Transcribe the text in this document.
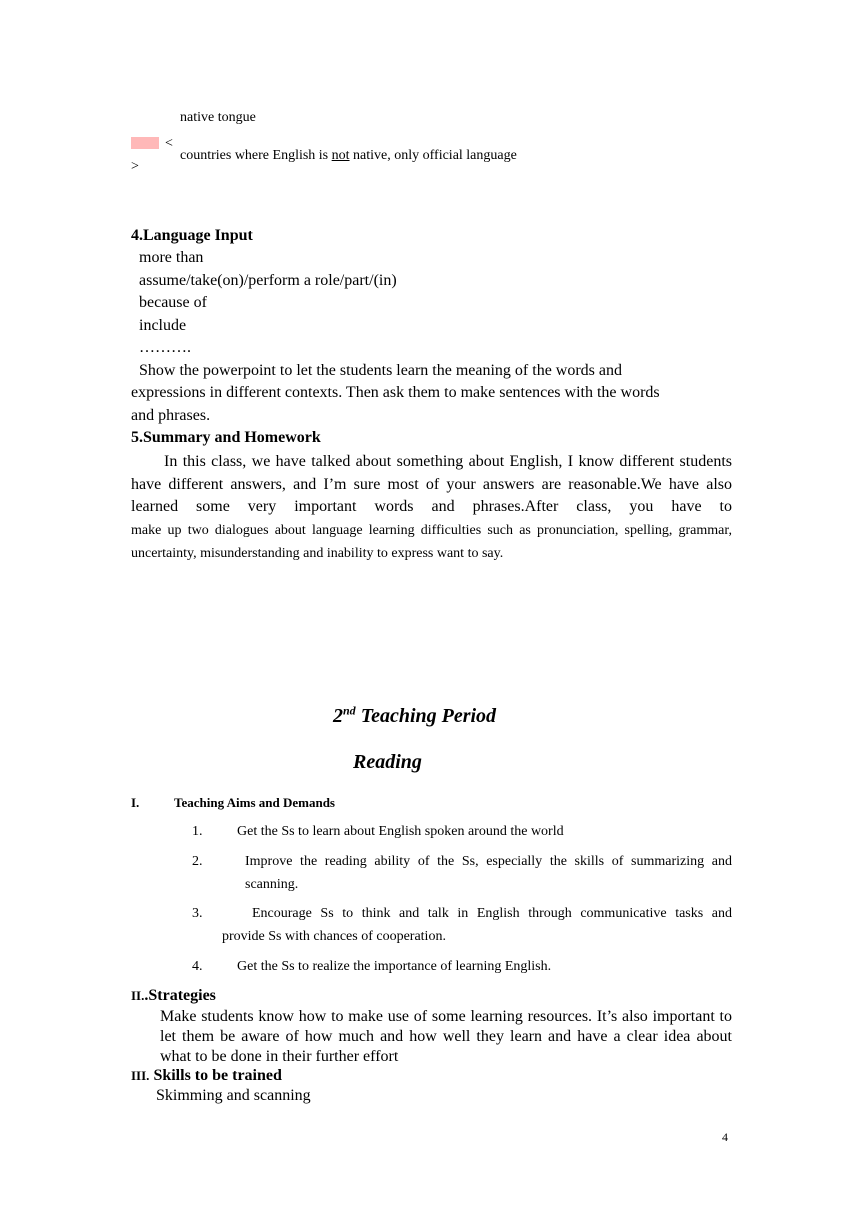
native tongue
<
countries where English is not native, only official language
>
4.Language Input
more than
assume/take(on)/perform a role/part/(in)
because of
include
……….
Show the powerpoint to let the students learn the meaning of the words and
expressions in different contexts. Then ask them to make sentences with the words
and phrases.
5.Summary and Homework
In this class, we have talked about something about English, I know different students have different answers, and I’m sure most of your answers are reasonable.We have also learned some very important words and phrases.After class, you have to
make up two dialogues about language learning difficulties such as pronunciation, spelling, grammar, uncertainty, misunderstanding and inability to express want to say.
2nd Teaching Period
Reading
I.	Teaching Aims and Demands
1. Get the Ss to learn about English spoken around the world
2.	Improve the reading ability of the Ss, especially the skills of summarizing and
scanning.
3.	Encourage Ss to think and talk in English through communicative tasks and
provide Ss with chances of cooperation.
4. Get the Ss to realize the importance of learning English.
II..Strategies
Make students know how to make use of some learning resources. It’s also important to let them be aware of how much and how well they learn and have a clear idea about what to be done in their further effort
III. Skills to be trained
Skimming and scanning
4
